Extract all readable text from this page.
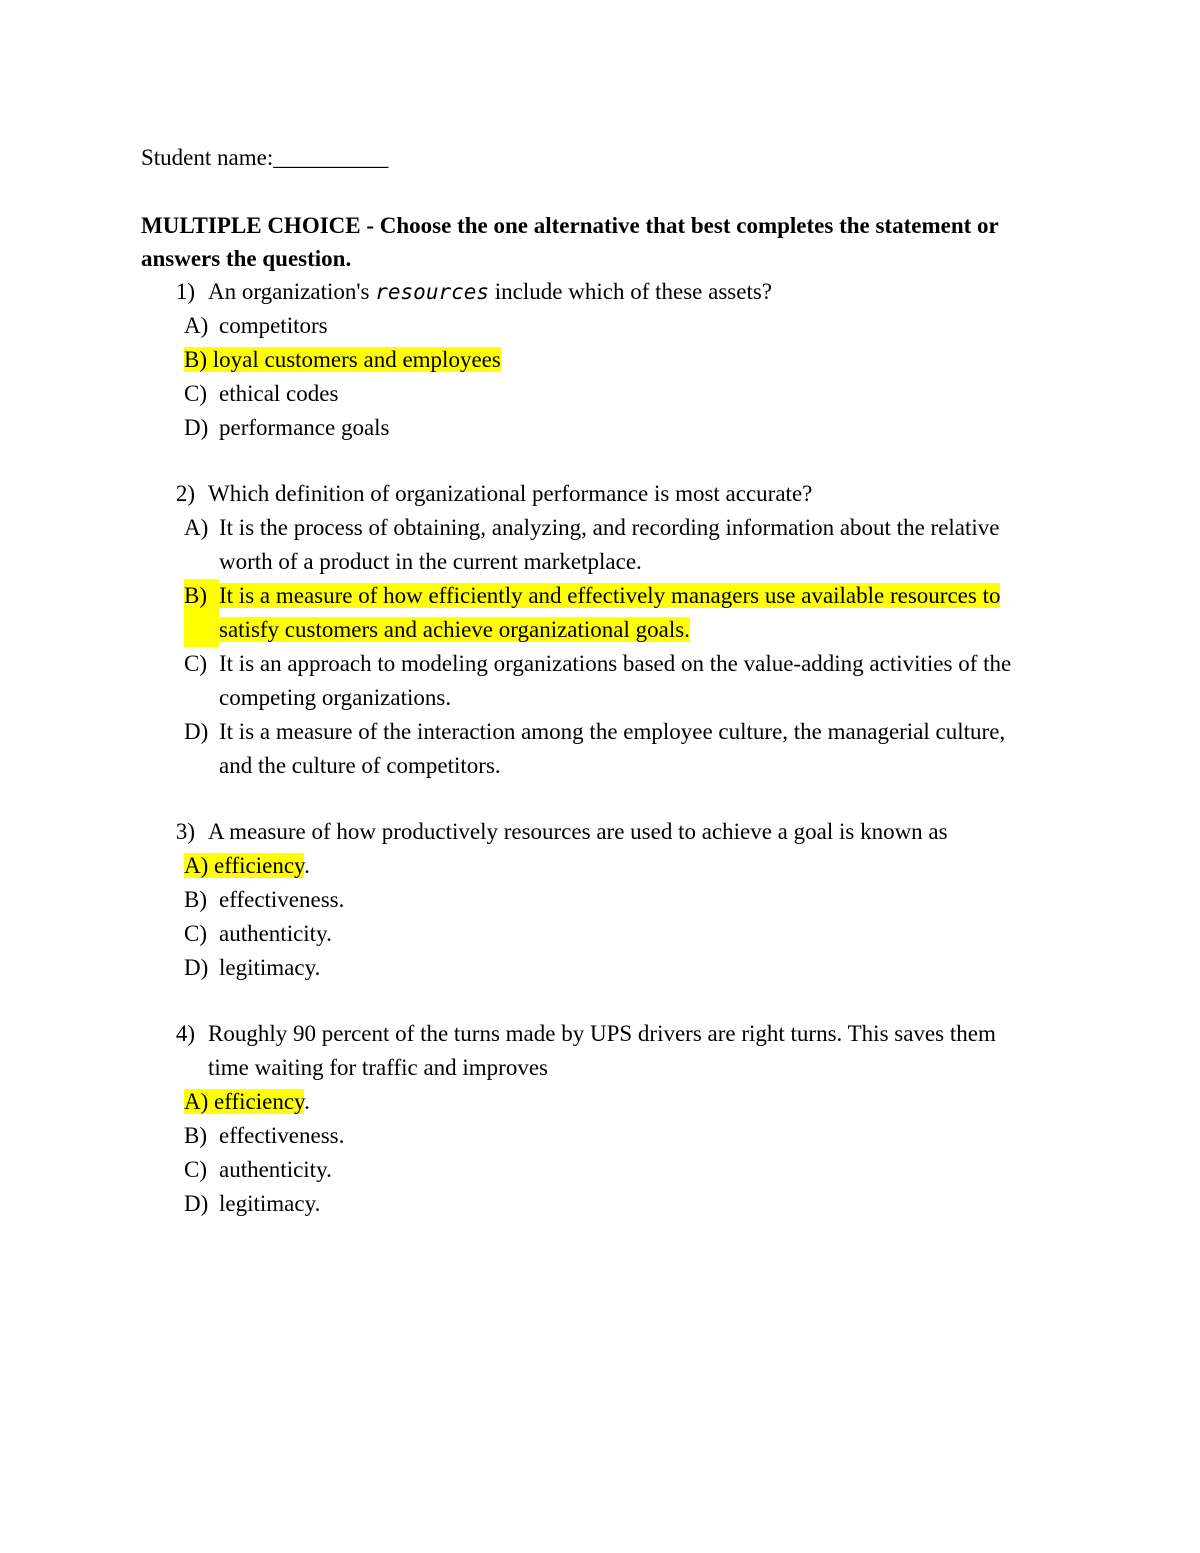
Student name:__________
MULTIPLE CHOICE - Choose the one alternative that best completes the statement or answers the question.
1) An organization's resources include which of these assets?
A) competitors
B) loyal customers and employees
C) ethical codes
D) performance goals
2) Which definition of organizational performance is most accurate?
A) It is the process of obtaining, analyzing, and recording information about the relative worth of a product in the current marketplace.
B) It is a measure of how efficiently and effectively managers use available resources to satisfy customers and achieve organizational goals.
C) It is an approach to modeling organizations based on the value-adding activities of the competing organizations.
D) It is a measure of the interaction among the employee culture, the managerial culture, and the culture of competitors.
3) A measure of how productively resources are used to achieve a goal is known as
A) efficiency.
B) effectiveness.
C) authenticity.
D) legitimacy.
4) Roughly 90 percent of the turns made by UPS drivers are right turns. This saves them time waiting for traffic and improves
A) efficiency.
B) effectiveness.
C) authenticity.
D) legitimacy.
